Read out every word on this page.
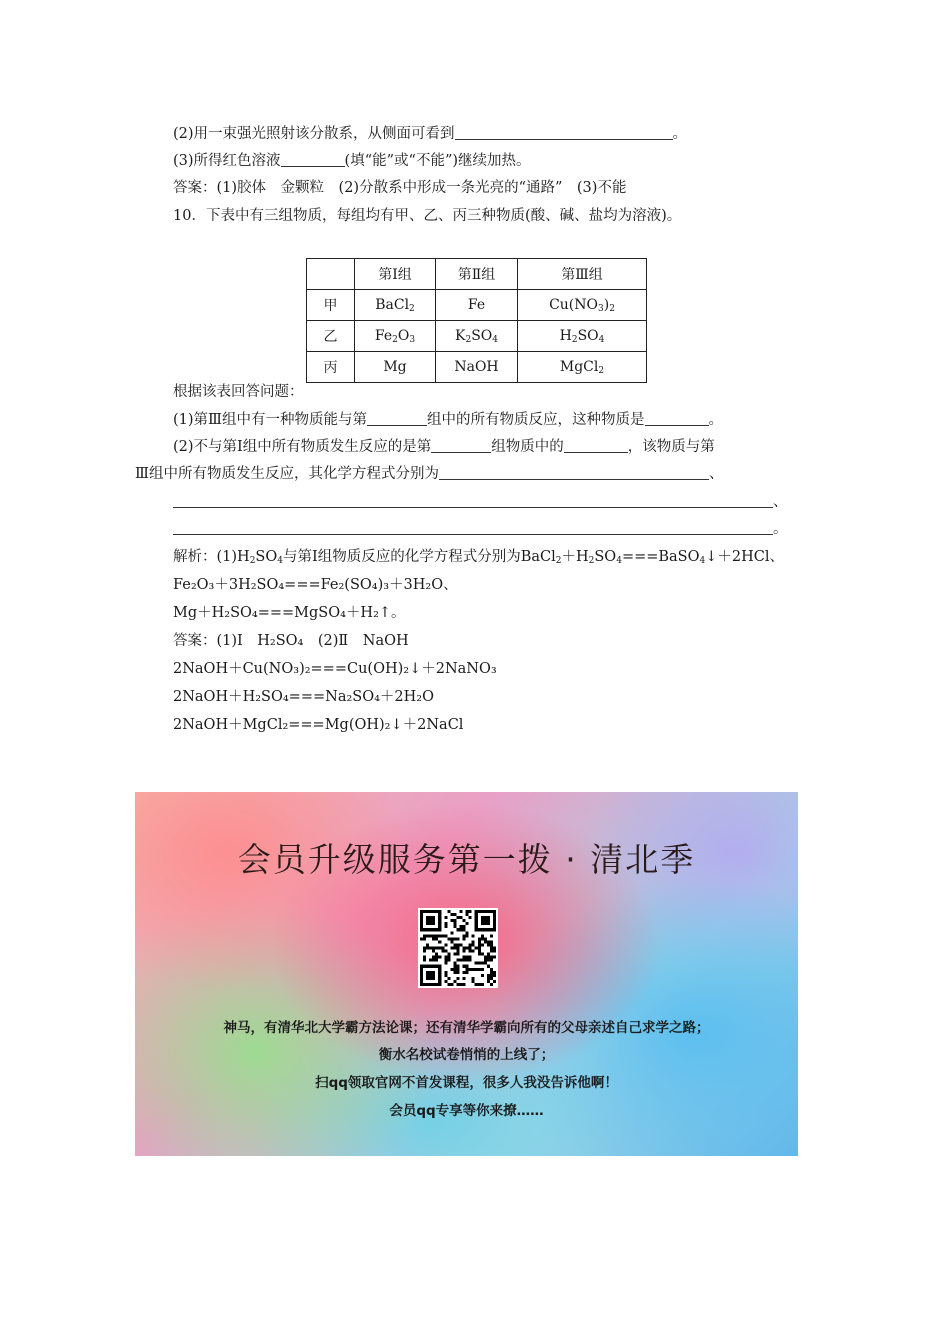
(2)用一束强光照射该分散系，从侧面可看到	。
(3)所得红色溶液	(填“能”或“不能”)继续加热。
答案：(1)胶体　金颗粒　(2)分散系中形成一条光亮的“通路”　(3)不能
10．下表中有三组物质，每组均有甲、乙、丙三种物质(酸、碱、盐均为溶液)。
	第Ⅰ组	第Ⅱ组	第Ⅲ组
甲	BaCl$_2$	Fe	$Cu(NO_3)_2$
乙	$Fe_2O_3$	$K_2SO_4$	$H_2SO_4$
丙	Mg	NaOH	MgCl$_2$
根据该表回答问题：
(1)第Ⅲ组中有一种物质能与第	组中的所有物质反应，这种物质是	。
(2)不与第Ⅰ组中所有物质发生反应的是第	组物质中的	，该物质与第
Ⅲ组中所有物质发生反应，其化学方程式分别为	、
、
。
解析：$(1)H_2SO_4$与第Ⅰ组物质反应的化学方程式分别为$BaCl_2+H_2SO_4===BaSO_4↓+2HCl$、
Fe₂O₃＋3H₂SO₄===Fe₂(SO₄)₃＋3H₂O、
Mg＋H₂SO₄===MgSO₄＋H₂↑。
答案：(1)Ⅰ　H₂SO₄　(2)Ⅱ　NaOH
2NaOH＋Cu(NO₃)₂===Cu(OH)₂↓＋2NaNO₃
2NaOH＋H₂SO₄===Na₂SO₄＋2H₂O
2NaOH＋MgCl₂===Mg(OH)₂↓＋2NaCl
会员升级服务第一拨 · 清北季
神马，有清华北大学霸方法论课；还有清华学霸向所有的父母亲述自己求学之路；
衡水名校试卷悄悄的上线了；
扫qq领取官网不首发课程，很多人我没告诉他啊！
会员qq专享等你来撩……
